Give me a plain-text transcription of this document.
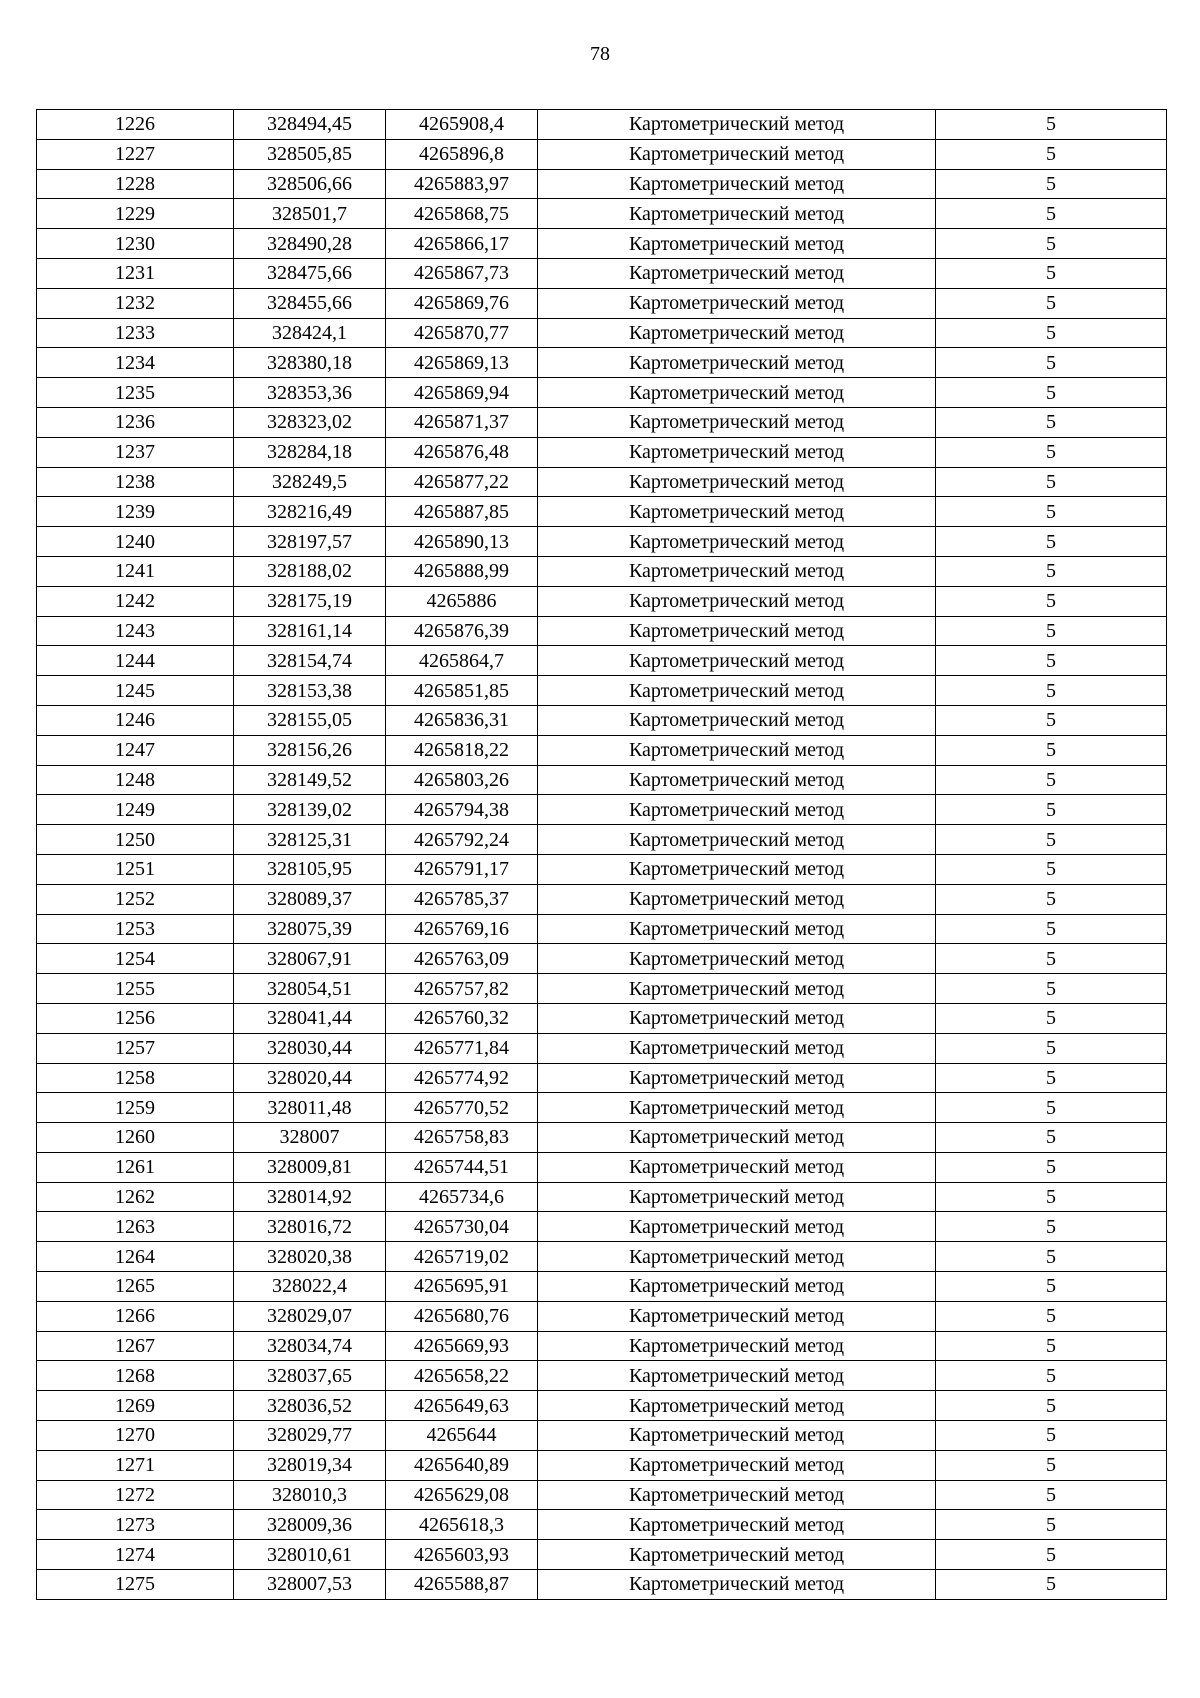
78
1226	328494,45	4265908,4	Картометрический метод	5
1227	328505,85	4265896,8	Картометрический метод	5
1228	328506,66	4265883,97	Картометрический метод	5
1229	328501,7	4265868,75	Картометрический метод	5
1230	328490,28	4265866,17	Картометрический метод	5
1231	328475,66	4265867,73	Картометрический метод	5
1232	328455,66	4265869,76	Картометрический метод	5
1233	328424,1	4265870,77	Картометрический метод	5
1234	328380,18	4265869,13	Картометрический метод	5
1235	328353,36	4265869,94	Картометрический метод	5
1236	328323,02	4265871,37	Картометрический метод	5
1237	328284,18	4265876,48	Картометрический метод	5
1238	328249,5	4265877,22	Картометрический метод	5
1239	328216,49	4265887,85	Картометрический метод	5
1240	328197,57	4265890,13	Картометрический метод	5
1241	328188,02	4265888,99	Картометрический метод	5
1242	328175,19	4265886	Картометрический метод	5
1243	328161,14	4265876,39	Картометрический метод	5
1244	328154,74	4265864,7	Картометрический метод	5
1245	328153,38	4265851,85	Картометрический метод	5
1246	328155,05	4265836,31	Картометрический метод	5
1247	328156,26	4265818,22	Картометрический метод	5
1248	328149,52	4265803,26	Картометрический метод	5
1249	328139,02	4265794,38	Картометрический метод	5
1250	328125,31	4265792,24	Картометрический метод	5
1251	328105,95	4265791,17	Картометрический метод	5
1252	328089,37	4265785,37	Картометрический метод	5
1253	328075,39	4265769,16	Картометрический метод	5
1254	328067,91	4265763,09	Картометрический метод	5
1255	328054,51	4265757,82	Картометрический метод	5
1256	328041,44	4265760,32	Картометрический метод	5
1257	328030,44	4265771,84	Картометрический метод	5
1258	328020,44	4265774,92	Картометрический метод	5
1259	328011,48	4265770,52	Картометрический метод	5
1260	328007	4265758,83	Картометрический метод	5
1261	328009,81	4265744,51	Картометрический метод	5
1262	328014,92	4265734,6	Картометрический метод	5
1263	328016,72	4265730,04	Картометрический метод	5
1264	328020,38	4265719,02	Картометрический метод	5
1265	328022,4	4265695,91	Картометрический метод	5
1266	328029,07	4265680,76	Картометрический метод	5
1267	328034,74	4265669,93	Картометрический метод	5
1268	328037,65	4265658,22	Картометрический метод	5
1269	328036,52	4265649,63	Картометрический метод	5
1270	328029,77	4265644	Картометрический метод	5
1271	328019,34	4265640,89	Картометрический метод	5
1272	328010,3	4265629,08	Картометрический метод	5
1273	328009,36	4265618,3	Картометрический метод	5
1274	328010,61	4265603,93	Картометрический метод	5
1275	328007,53	4265588,87	Картометрический метод	5
